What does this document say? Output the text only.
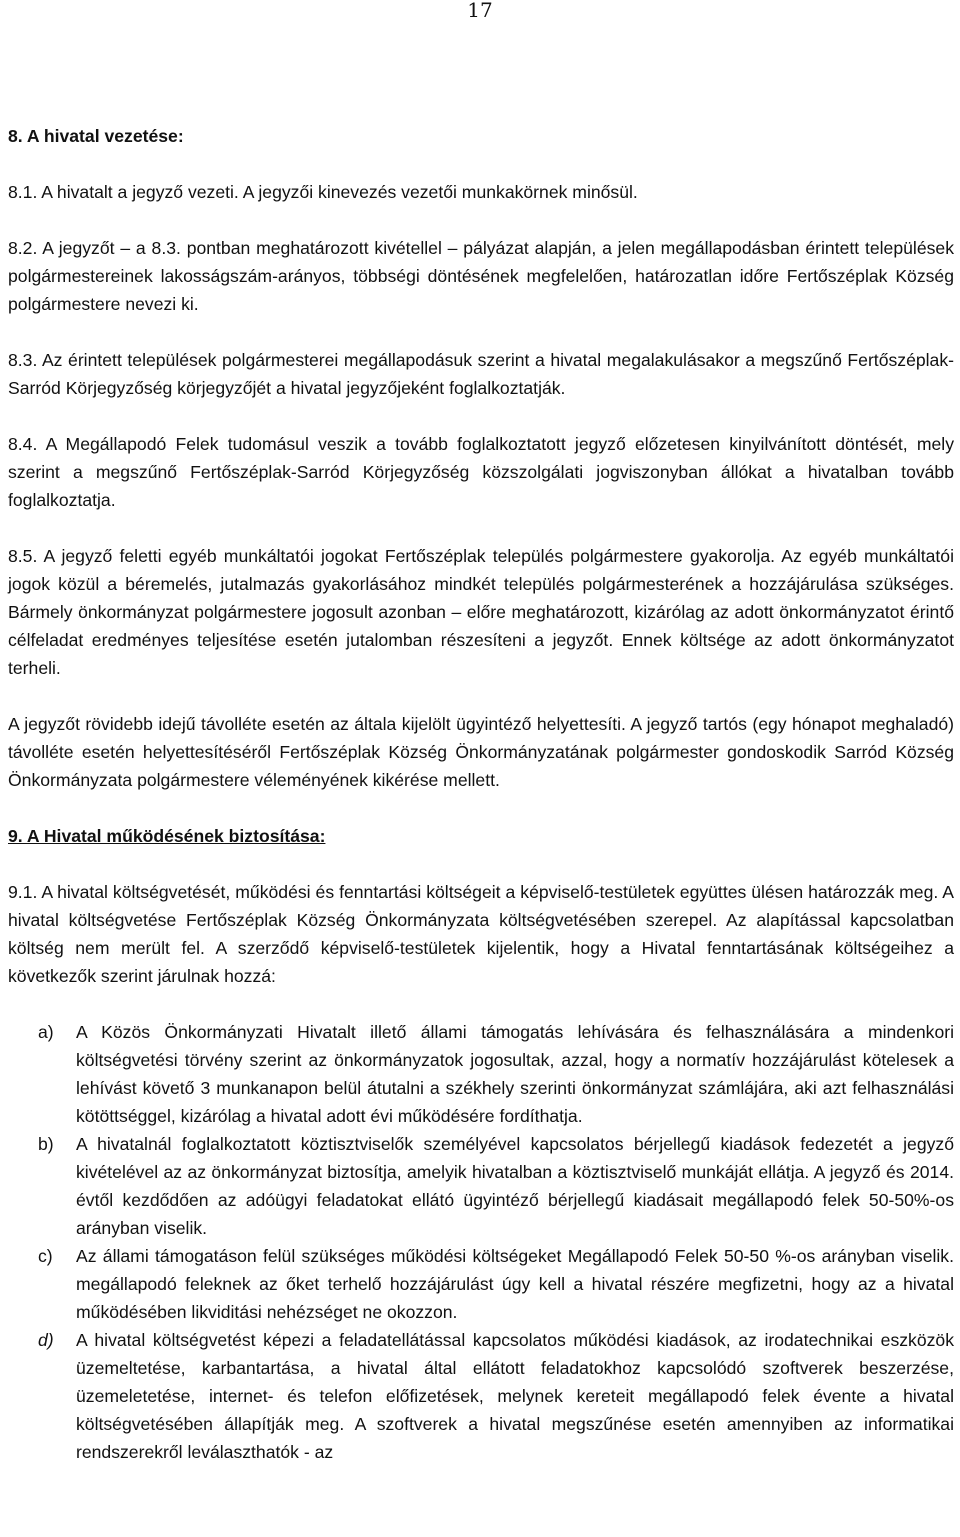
17

8. A hivatal vezetése:

8.1. A hivatalt a jegyző vezeti. A jegyzői kinevezés vezetői munkakörnek minősül.

8.2. A jegyzőt – a 8.3. pontban meghatározott kivétellel – pályázat alapján, a jelen megállapodásban érintett települések polgármestereinek lakosságszám-arányos, többségi döntésének megfelelően, határozatlan időre Fertőszéplak Község polgármestere nevezi ki.

8.3. Az érintett települések polgármesterei megállapodásuk szerint a hivatal megalakulásakor a megszűnő Fertőszéplak-Sarród Körjegyzőség körjegyzőjét a hivatal jegyzőjeként foglalkoztatják.

8.4. A Megállapodó Felek tudomásul veszik a tovább foglalkoztatott jegyző előzetesen kinyilvánított döntését, mely szerint a megszűnő Fertőszéplak-Sarród Körjegyzőség közszolgálati jogviszonyban állókat a hivatalban tovább foglalkoztatja.

8.5. A jegyző feletti egyéb munkáltatói jogokat Fertőszéplak település polgármestere gyakorolja. Az egyéb munkáltatói jogok közül a béremelés, jutalmazás gyakorlásához mindkét település polgármesterének a hozzájárulása szükséges. Bármely önkormányzat polgármestere jogosult azonban – előre meghatározott, kizárólag az adott önkormányzatot érintő célfeladat eredményes teljesítése esetén jutalomban részesíteni a jegyzőt. Ennek költsége az adott önkormányzatot terheli.

A jegyzőt rövidebb idejű távolléte esetén az általa kijelölt ügyintéző helyettesíti. A jegyző tartós (egy hónapot meghaladó) távolléte esetén helyettesítéséről Fertőszéplak Község Önkormányzatának polgármester gondoskodik Sarród Község Önkormányzata polgármestere véleményének kikérése mellett.

9. A Hivatal működésének biztosítása:

9.1. A hivatal költségvetését, működési és fenntartási költségeit a képviselő-testületek együttes ülésen határozzák meg. A hivatal költségvetése Fertőszéplak Község Önkormányzata költségvetésében szerepel. Az alapítással kapcsolatban költség nem merült fel. A szerződő képviselő-testületek kijelentik, hogy a Hivatal fenntartásának költségeihez a következők szerint járulnak hozzá:

a)	A Közös Önkormányzati Hivatalt illető állami támogatás lehívására és felhasználására a mindenkori költségvetési törvény szerint az önkormányzatok jogosultak, azzal, hogy a normatív hozzájárulást kötelesek a lehívást követő 3 munkanapon belül átutalni a székhely szerinti önkormányzat számlájára, aki azt felhasználási kötöttséggel, kizárólag a hivatal adott évi működésére fordíthatja.
b)	A hivatalnál foglalkoztatott köztisztviselők személyével kapcsolatos bérjellegű kiadások fedezetét a jegyző kivételével az az önkormányzat biztosítja, amelyik hivatalban a köztisztviselő munkáját ellátja. A jegyző és 2014. évtől kezdődően az adóügyi feladatokat ellátó ügyintéző bérjellegű kiadásait megállapodó felek 50-50%-os arányban viselik.
c)	Az állami támogatáson felül szükséges működési költségeket Megállapodó Felek 50-50 %-os arányban viselik. megállapodó feleknek az őket terhelő hozzájárulást úgy kell a hivatal részére megfizetni, hogy az a hivatal működésében likviditási nehézséget ne okozzon.
d)	A hivatal költségvetést képezi a feladatellátással kapcsolatos működési kiadások, az irodatechnikai eszközök üzemeltetése, karbantartása, a hivatal által ellátott feladatokhoz kapcsolódó szoftverek beszerzése, üzemeletetése, internet- és telefon előfizetések, melynek kereteit megállapodó felek évente a hivatal költségvetésében állapítják meg. A szoftverek a hivatal megszűnése esetén amennyiben az informatikai rendszerekről leválaszthatók - az
